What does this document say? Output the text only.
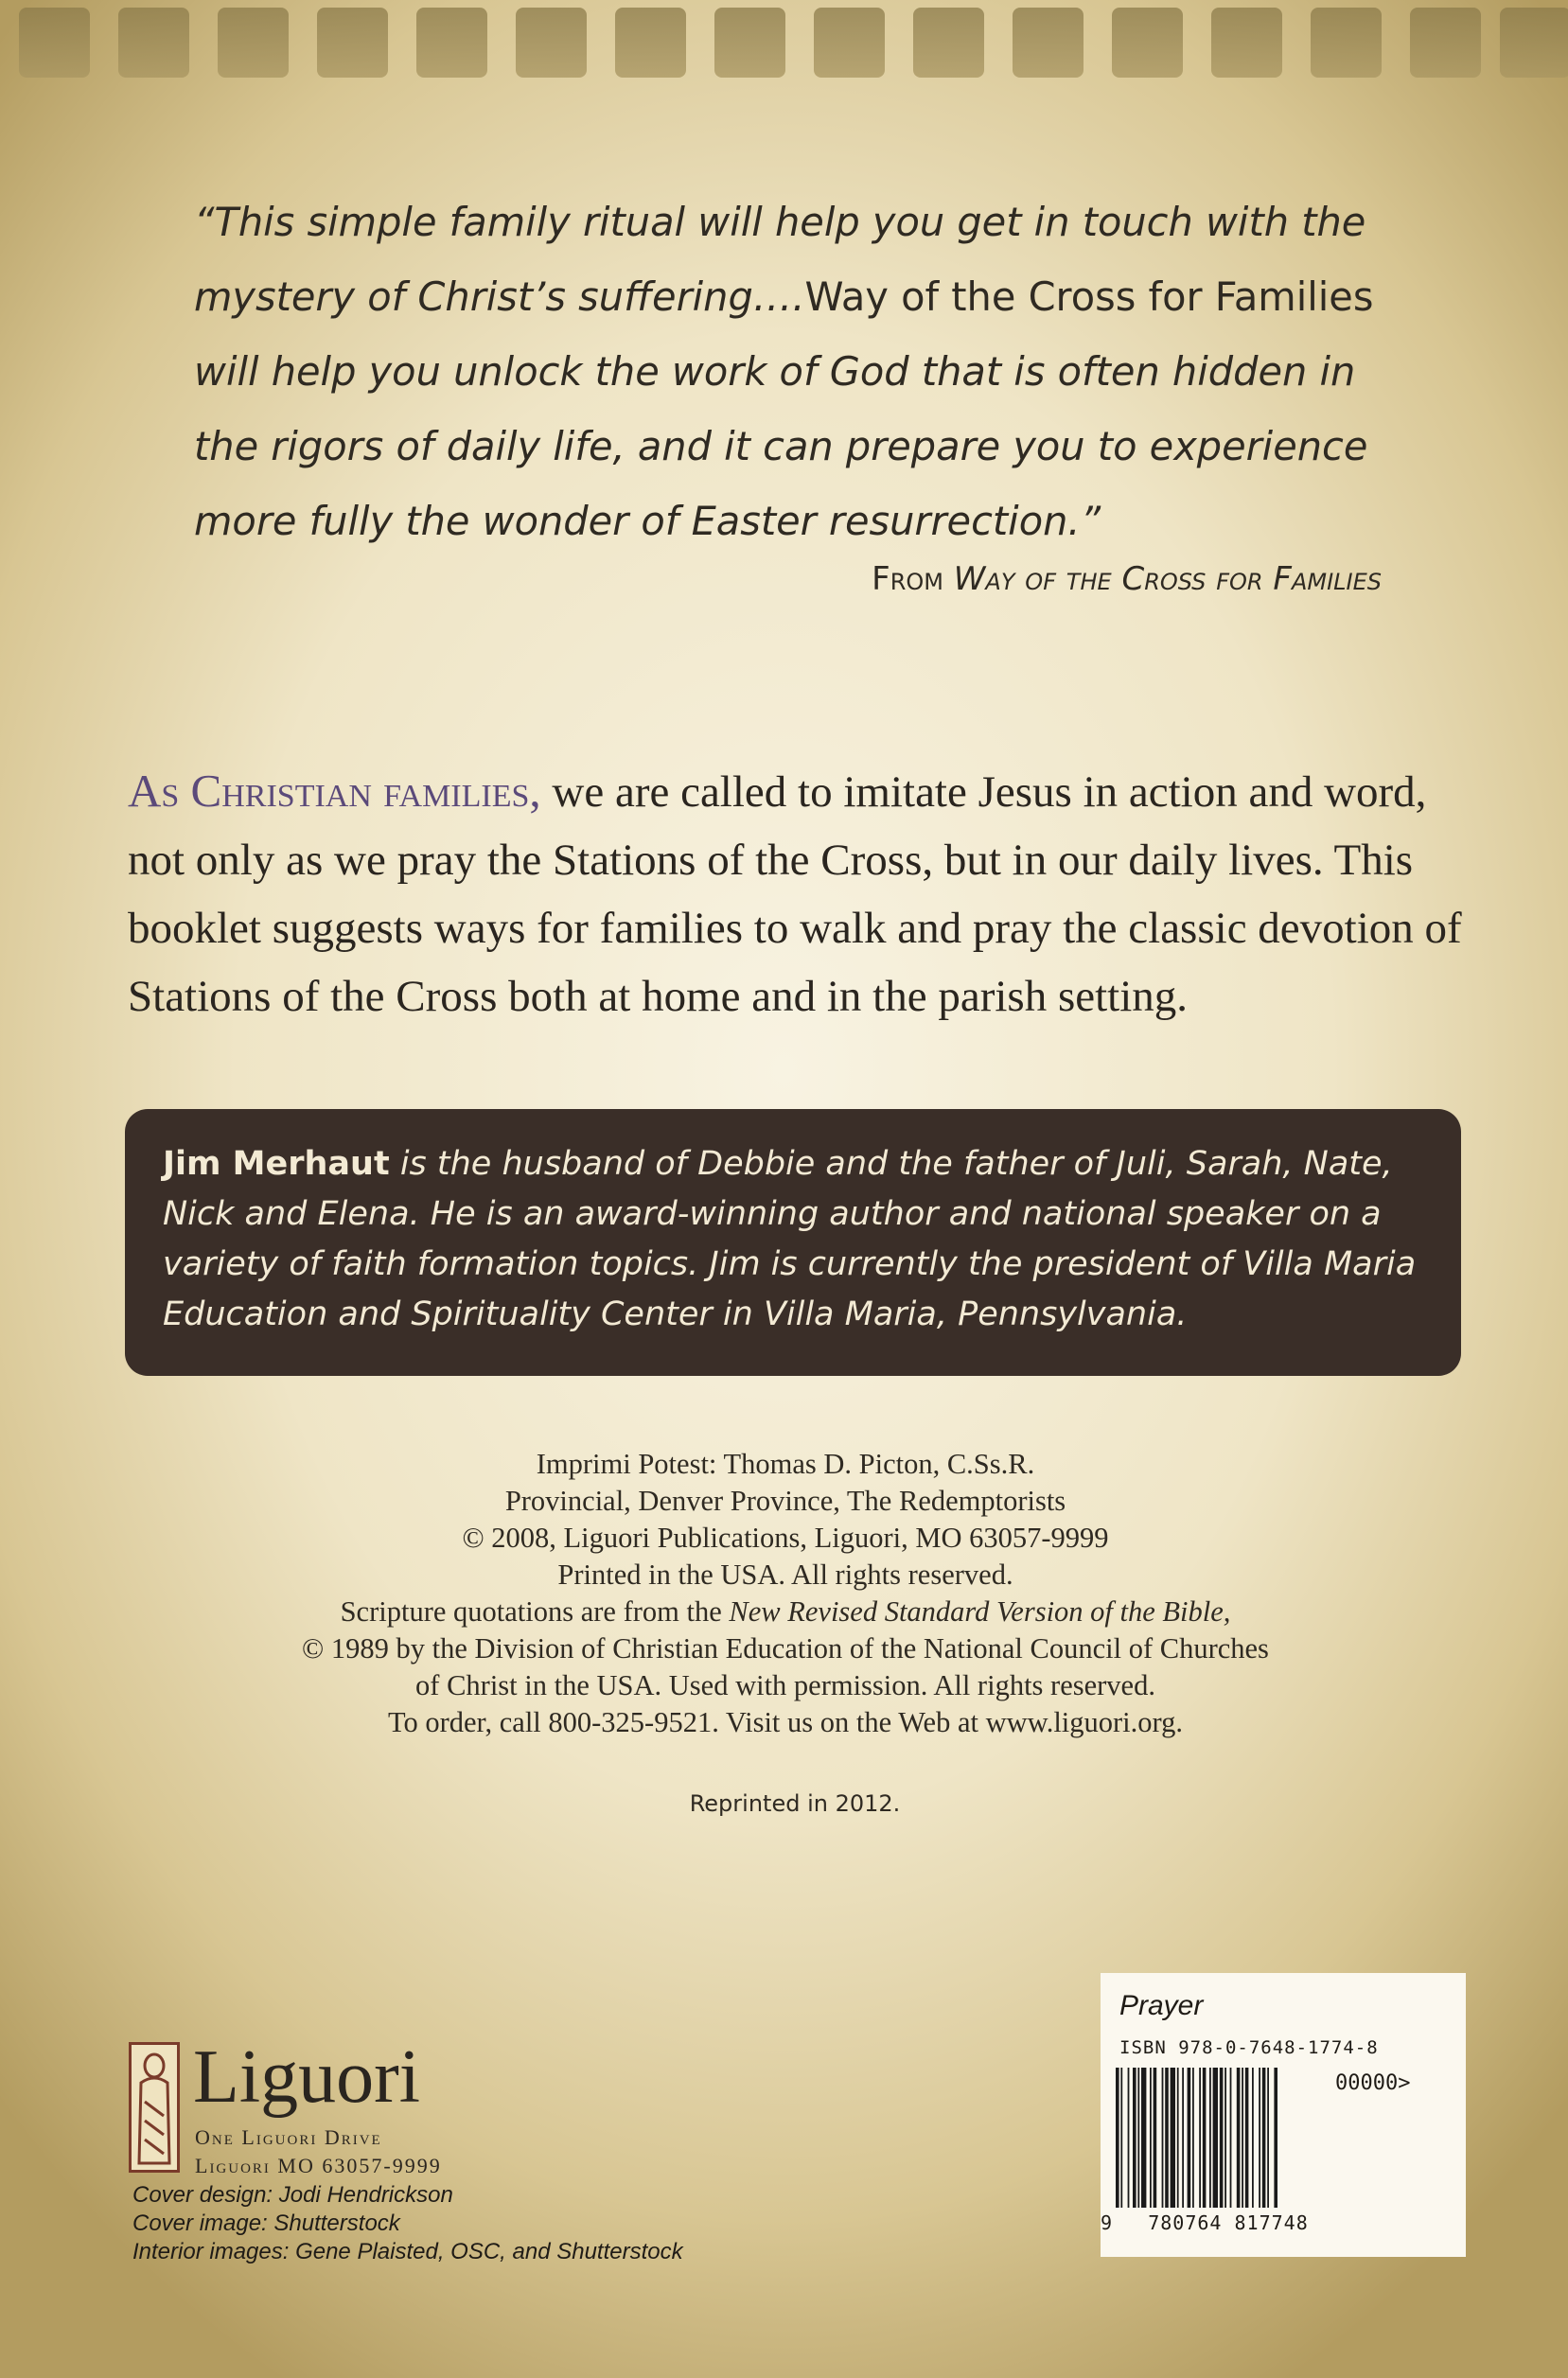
“This simple family ritual will help you get in touch with the mystery of Christ’s suffering….Way of the Cross for Families will help you unlock the work of God that is often hidden in the rigors of daily life, and it can prepare you to experience more fully the wonder of Easter resurrection.”
From Way of the Cross for Families
As Christian families, we are called to imitate Jesus in action and word, not only as we pray the Stations of the Cross, but in our daily lives. This booklet suggests ways for families to walk and pray the classic devotion of Stations of the Cross both at home and in the parish setting.
Jim Merhaut is the husband of Debbie and the father of Juli, Sarah, Nate, Nick and Elena. He is an award-winning author and national speaker on a variety of faith formation topics. Jim is currently the president of Villa Maria Education and Spirituality Center in Villa Maria, Pennsylvania.
Imprimi Potest: Thomas D. Picton, C.Ss.R.
Provincial, Denver Province, The Redemptorists
© 2008, Liguori Publications, Liguori, MO 63057-9999
Printed in the USA. All rights reserved.
Scripture quotations are from the New Revised Standard Version of the Bible,
© 1989 by the Division of Christian Education of the National Council of Churches
of Christ in the USA. Used with permission. All rights reserved.
To order, call 800-325-9521. Visit us on the Web at www.liguori.org.
Reprinted in 2012.
Liguori
One Liguori Drive
Liguori MO 63057-9999
Cover design: Jodi Hendrickson
Cover image: Shutterstock
Interior images: Gene Plaisted, OSC, and Shutterstock
Prayer
ISBN 978-0-7648-1774-8
00000>
9	780764 817748
